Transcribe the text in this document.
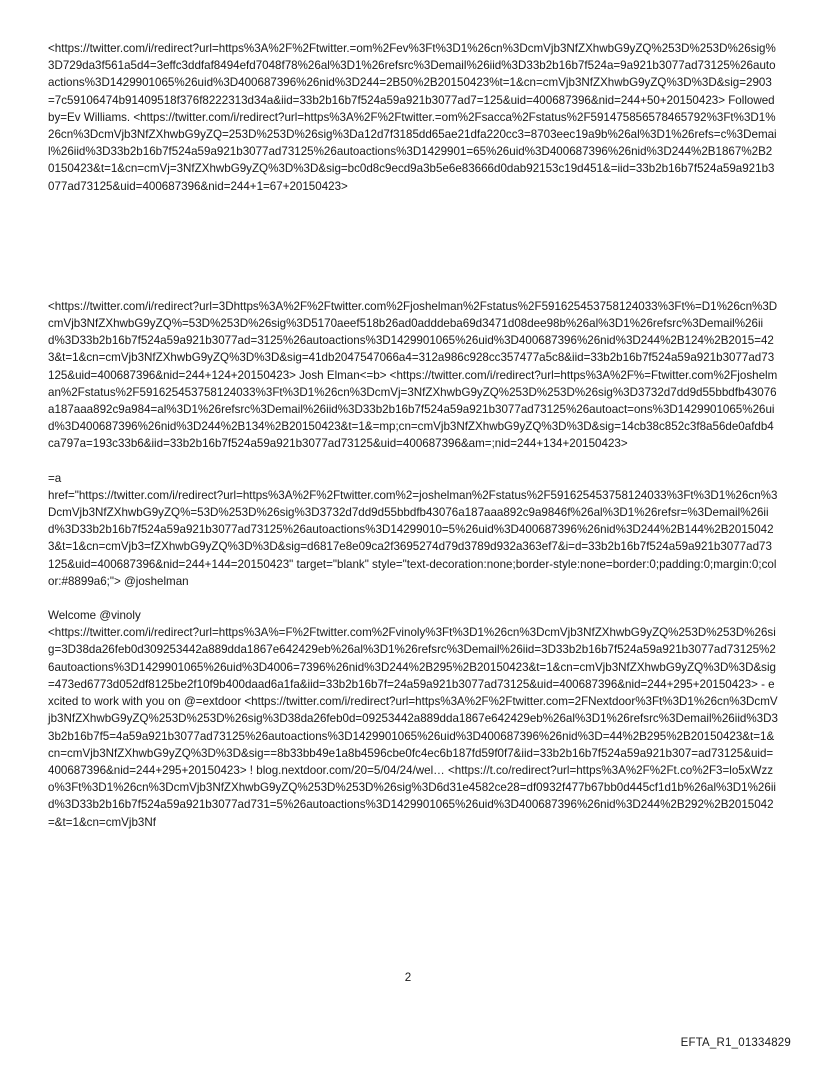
<https://twitter.com/i/redirect?url=https%3A%2F%2Ftwitter.=om%2Fev%3Ft%3D1%26cn%3DcmVjb3NfZXhwbG9yZQ%253D%253D%26sig%3D729da3f561a5d4=3effc3ddfaf8494efd7048f78%26al%3D1%26refsrc%3Demail%26iid%3D33b2b16b7f524a=9a921b3077ad73125%26autoactions%3D1429901065%26uid%3D400687396%26nid%3D244=2B50%2B20150423%t=1&cn=cmVjb3NfZXhwbG9yZQ%3D%3D&sig=2903=7c59106474b91409518f376f8222313d34a&iid=33b2b16b7f524a59a921b3077ad7=125&uid=400687396&nid=244+50+20150423> Followed by=Ev Williams. <https://twitter.com/i/redirect?url=https%3A%2F%2Ftwitter.=om%2Fsacca%2Fstatus%2F591475856578465792%3Ft%3D1%26cn%3DcmVjb3NfZXhwbG9yZQ=253D%253D%26sig%3Da12d7f3185dd65ae21dfa220cc3=8703eec19a9b%26al%3D1%26refs=c%3Demail%26iid%3D33b2b16b7f524a59a921b3077ad73125%26autoactions%3D1429901=65%26uid%3D400687396%26nid%3D244%2B1867%2B20150423&t=1&cn=cmVj=3NfZXhwbG9yZQ%3D%3D&sig=bc0d8c9ecd9a3b5e6e83666d0dab92153c19d451&=iid=33b2b16b7f524a59a921b3077ad73125&uid=400687396&nid=244+1=67+20150423>

<https://twitter.com/i/redirect?url=3Dhttps%3A%2F%2Ftwitter.com%2Fjoshelman%2Fstatus%2F591625453758124033%3Ft%=D1%26cn%3DcmVjb3NfZXhwbG9yZQ%=53D%253D%26sig%3D5170aeef518b26ad0adddeba69d3471d08dee98b%26al%3D1%26refsrc%3Demail%26iid%3D33b2b16b7f524a59a921b3077ad=3125%26autoactions%3D1429901065%26uid%3D400687396%26nid%3D244%2B124%2B2015=423&t=1&cn=cmVjb3NfZXhwbG9yZQ%3D%3D&sig=41db2047547066a4=312a986c928cc357477a5c8&iid=33b2b16b7f524a59a921b3077ad73125&uid=400687396&nid=244+124+20150423> Josh Elman<=b> <https://twitter.com/i/redirect?url=https%3A%2F%=Ftwitter.com%2Fjoshelman%2Fstatus%2F591625453758124033%3Ft%3D1%26cn%3DcmVj=3NfZXhwbG9yZQ%253D%253D%26sig%3D3732d7dd9d55bbdfb43076a187aaa892c9a984=al%3D1%26refsrc%3Demail%26iid%3D33b2b16b7f524a59a921b3077ad73125%26autoact=ons%3D1429901065%26uid%3D400687396%26nid%3D244%2B134%2B20150423&t=1&=mp;cn=cmVjb3NfZXhwbG9yZQ%3D%3D&sig=14cb38c852c3f8a56de0afdb4ca797a=193c33b6&iid=33b2b16b7f524a59a921b3077ad73125&uid=400687396&am=;nid=244+134+20150423>

=a

href="https://twitter.com/i/redirect?url=https%3A%2F%2Ftwitter.com%2=joshelman%2Fstatus%2F591625453758124033%3Ft%3D1%26cn%3DcmVjb3NfZXhwbG9yZQ%=53D%253D%26sig%3D3732d7dd9d55bbdfb43076a187aaa892c9a9846f%26al%3D1%26refsr=%3Demail%26iid%3D33b2b16b7f524a59a921b3077ad73125%26autoactions%3D14299010=5%26uid%3D400687396%26nid%3D244%2B144%2B20150423&t=1&cn=cmVjb3=fZXhwbG9yZQ%3D%3D&sig=d6817e8e09ca2f3695274d79d3789d932a363ef7&i=d=33b2b16b7f524a59a921b3077ad73125&uid=400687396&nid=244+144=20150423" target="blank" style="text-decoration:none;border-style:none=border:0;padding:0;margin:0;color:#8899a6;"> @joshelman

Welcome @vinoly

<https://twitter.com/i/redirect?url=https%3A%=F%2Ftwitter.com%2Fvinoly%3Ft%3D1%26cn%3DcmVjb3NfZXhwbG9yZQ%253D%253D%26sig=3D38da26feb0d309253442a889dda1867e642429eb%26al%3D1%26refsrc%3Demail%26iid=3D33b2b16b7f524a59a921b3077ad73125%26autoactions%3D1429901065%26uid%3D4006=7396%26nid%3D244%2B295%2B20150423&t=1&cn=cmVjb3NfZXhwbG9yZQ%3D%3D&sig=473ed6773d052df8125be2f10f9b400daad6a1fa&iid=33b2b16b7f=24a59a921b3077ad73125&uid=400687396&nid=244+295+20150423> - excited to work with you on @=extdoor <https://twitter.com/i/redirect?url=https%3A%2F%2Ftwitter.com=2FNextdoor%3Ft%3D1%26cn%3DcmVjb3NfZXhwbG9yZQ%253D%253D%26sig%3D38da26feb0d=09253442a889dda1867e642429eb%26al%3D1%26refsrc%3Demail%26iid%3D33b2b16b7f5=4a59a921b3077ad73125%26autoactions%3D1429901065%26uid%3D400687396%26nid%3D=44%2B295%2B20150423&t=1&cn=cmVjb3NfZXhwbG9yZQ%3D%3D&sig==8b33bb49e1a8b4596cbe0fc4ec6b187fd59f0f7&iid=33b2b16b7f524a59a921b307=ad73125&uid=400687396&nid=244+295+20150423> ! blog.nextdoor.com/20=5/04/24/wel… <https://t.co/redirect?url=https%3A%2F%2Ft.co%2F3=lo5xWzzo%3Ft%3D1%26cn%3DcmVjb3NfZXhwbG9yZQ%253D%253D%26sig%3D6d31e4582ce28=df0932f477b67bb0d445cf1d1b%26al%3D1%26iid%3D33b2b16b7f524a59a921b3077ad731=5%26autoactions%3D1429901065%26uid%3D400687396%26nid%3D244%2B292%2B2015042=&t=1&cn=cmVjb3Nf

2
EFTA_R1_01334829
